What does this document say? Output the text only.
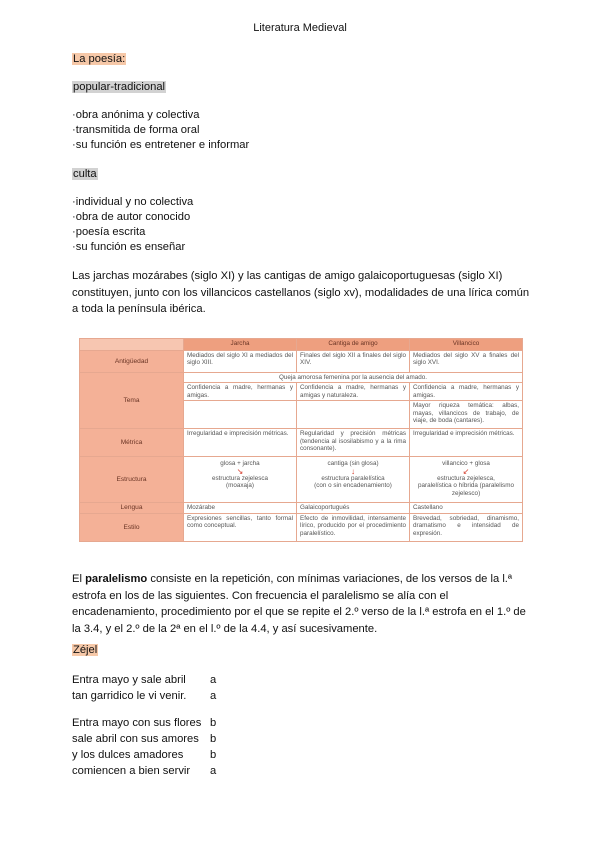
Literatura Medieval
La poesía:
popular-tradicional
·obra anónima y colectiva
·transmitida de forma oral
·su función es entretener e informar
culta
·individual y no colectiva
·obra de autor conocido
·poesía escrita
·su función es enseñar
Las jarchas mozárabes (siglo XI) y las cantigas de amigo galaicoportuguesas (siglo XI) constituyen, junto con los villancicos castellanos (siglo xv), modalidades de una lírica común a toda la península ibérica.
	Jarcha	Cantiga de amigo	Villancico
Antigüedad	Mediados del siglo XI a mediados del siglo XIII.	Finales del siglo XII a finales del siglo XIV.	Mediados del siglo XV a finales del siglo XVI.
Tema	Queja amorosa femenina por la ausencia del amado.		
	Confidencia a madre, hermanas y amigas.	Confidencia a madre, hermanas y amigas y naturaleza.	Confidencia a madre, hermanas y amigas.
			Mayor riqueza temática: albas, mayas, villancicos de trabajo, de viaje, de boda (cantares).
Métrica	Irregularidad e imprecisión métricas.	Regularidad y precisión métricas (tendencia al isosilabismo y a la rima consonante).	Irregularidad e imprecisión métricas.
Estructura	glosa + jarcha
↘
estructura zejelesca
(moaxaja)	cantiga (sin glosa)
↓
estructura paralelística
(con o sin encadenamiento)	villancico + glosa
↙
estructura zejelesca,
paralelística o híbrida (paralelismo zejelesco)
Lengua	Mozárabe	Galaicoportugués	Castellano
Estilo	Expresiones sencillas, tanto formal como conceptual.	Efecto de inmovilidad, intensamente lírico, producido por el procedimiento paralelístico.	Brevedad, sobriedad, dinamismo, dramatismo e intensidad de expresión.
El paralelismo consiste en la repetición, con mínimas variaciones, de los versos de la l.ª estrofa en los de las siguientes. Con frecuencia el paralelismo se alía con el encadenamiento, procedimiento por el que se repite el 2.º verso de la l.ª estrofa en el 1.º de la 3.4, y el 2.º de la 2ª en el l.º de la 4.4, y así sucesivamente.
Zéjel
Entra mayo y sale abril	a
tan garridico le vi venir.	a
Entra mayo con sus flores b
sale abril con sus amores b
y los dulces amadores	b
comiencen a bien servir	a
